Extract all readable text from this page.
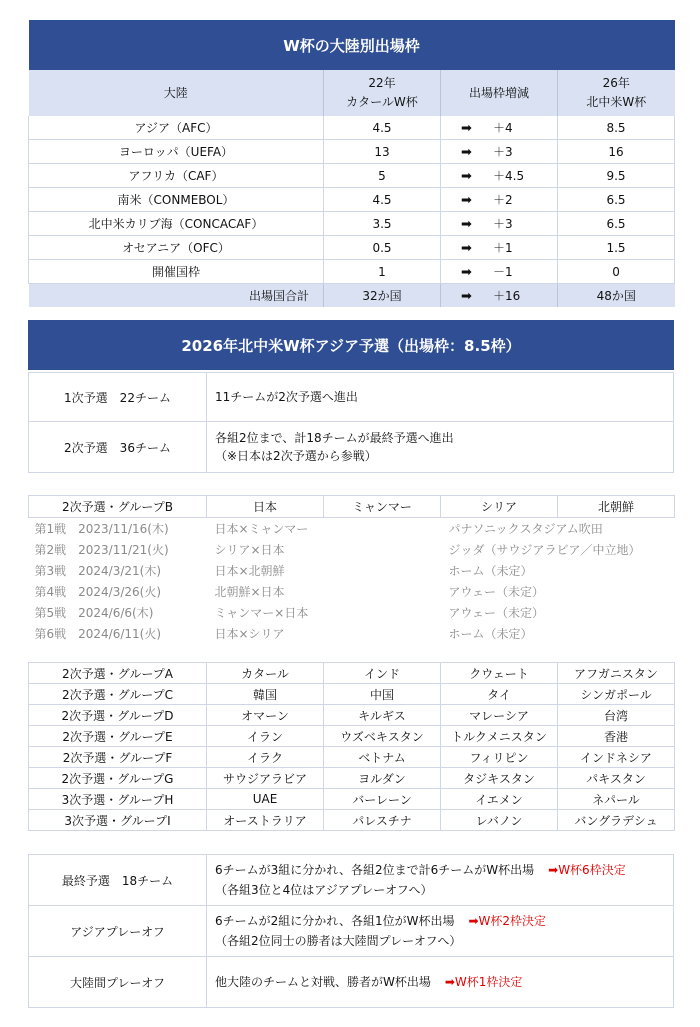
W杯の大陸別出場枠			
大陸	22年
カタールW杯	出場枠増減	26年
北中米W杯
アジア（AFC）	4.5	➡ ＋4	8.5
ヨーロッパ（UEFA）	13	➡ ＋3	16
アフリカ（CAF）	5	➡ ＋4.5	9.5
南米（CONMEBOL）	4.5	➡ ＋2	6.5
北中米カリブ海（CONCACAF）	3.5	➡ ＋3	6.5
オセアニア（OFC）	0.5	➡ ＋1	1.5
開催国枠	1	➡ －1	0
出場国合計	32か国	➡ ＋16	48か国
2026年北中米W杯アジア予選（出場枠：8.5枠）
1次予選　22チーム	11チームが2次予選へ進出
2次予選　36チーム	各組2位まで、計18チームが最終予選へ進出
（※日本は2次予選から参戦）
2次予選・グループB	日本	ミャンマー	シリア	北朝鮮
第1戦 2023/11/16(木)	日本×ミャンマー		パナソニックスタジアム吹田	
第2戦 2023/11/21(火)	シリア×日本		ジッダ（サウジアラビア／中立地）	
第3戦 2024/3/21(木)	日本×北朝鮮		ホーム（未定）	
第4戦 2024/3/26(火)	北朝鮮×日本		アウェー（未定）	
第5戦 2024/6/6(木)	ミャンマー×日本		アウェー（未定）	
第6戦 2024/6/11(火)	日本×シリア		ホーム（未定）	
2次予選・グループA	カタール	インド	クウェート	アフガニスタン
2次予選・グループC	韓国	中国	タイ	シンガポール
2次予選・グループD	オマーン	キルギス	マレーシア	台湾
2次予選・グループE	イラン	ウズベキスタン	トルクメニスタン	香港
2次予選・グループF	イラク	ベトナム	フィリピン	インドネシア
2次予選・グループG	サウジアラビア	ヨルダン	タジキスタン	パキスタン
3次予選・グループH	UAE	バーレーン	イエメン	ネパール
3次予選・グループI	オーストラリア	パレスチナ	レバノン	バングラデシュ
最終予選　18チーム	6チームが3組に分かれ、各組2位まで計6チームがW杯出場 ➡W杯6枠決定
（各組3位と4位はアジアプレーオフへ）
アジアプレーオフ	6チームが2組に分かれ、各組1位がW杯出場 ➡W杯2枠決定
（各組2位同士の勝者は大陸間プレーオフへ）
大陸間プレーオフ	他大陸のチームと対戦、勝者がW杯出場 ➡W杯1枠決定
